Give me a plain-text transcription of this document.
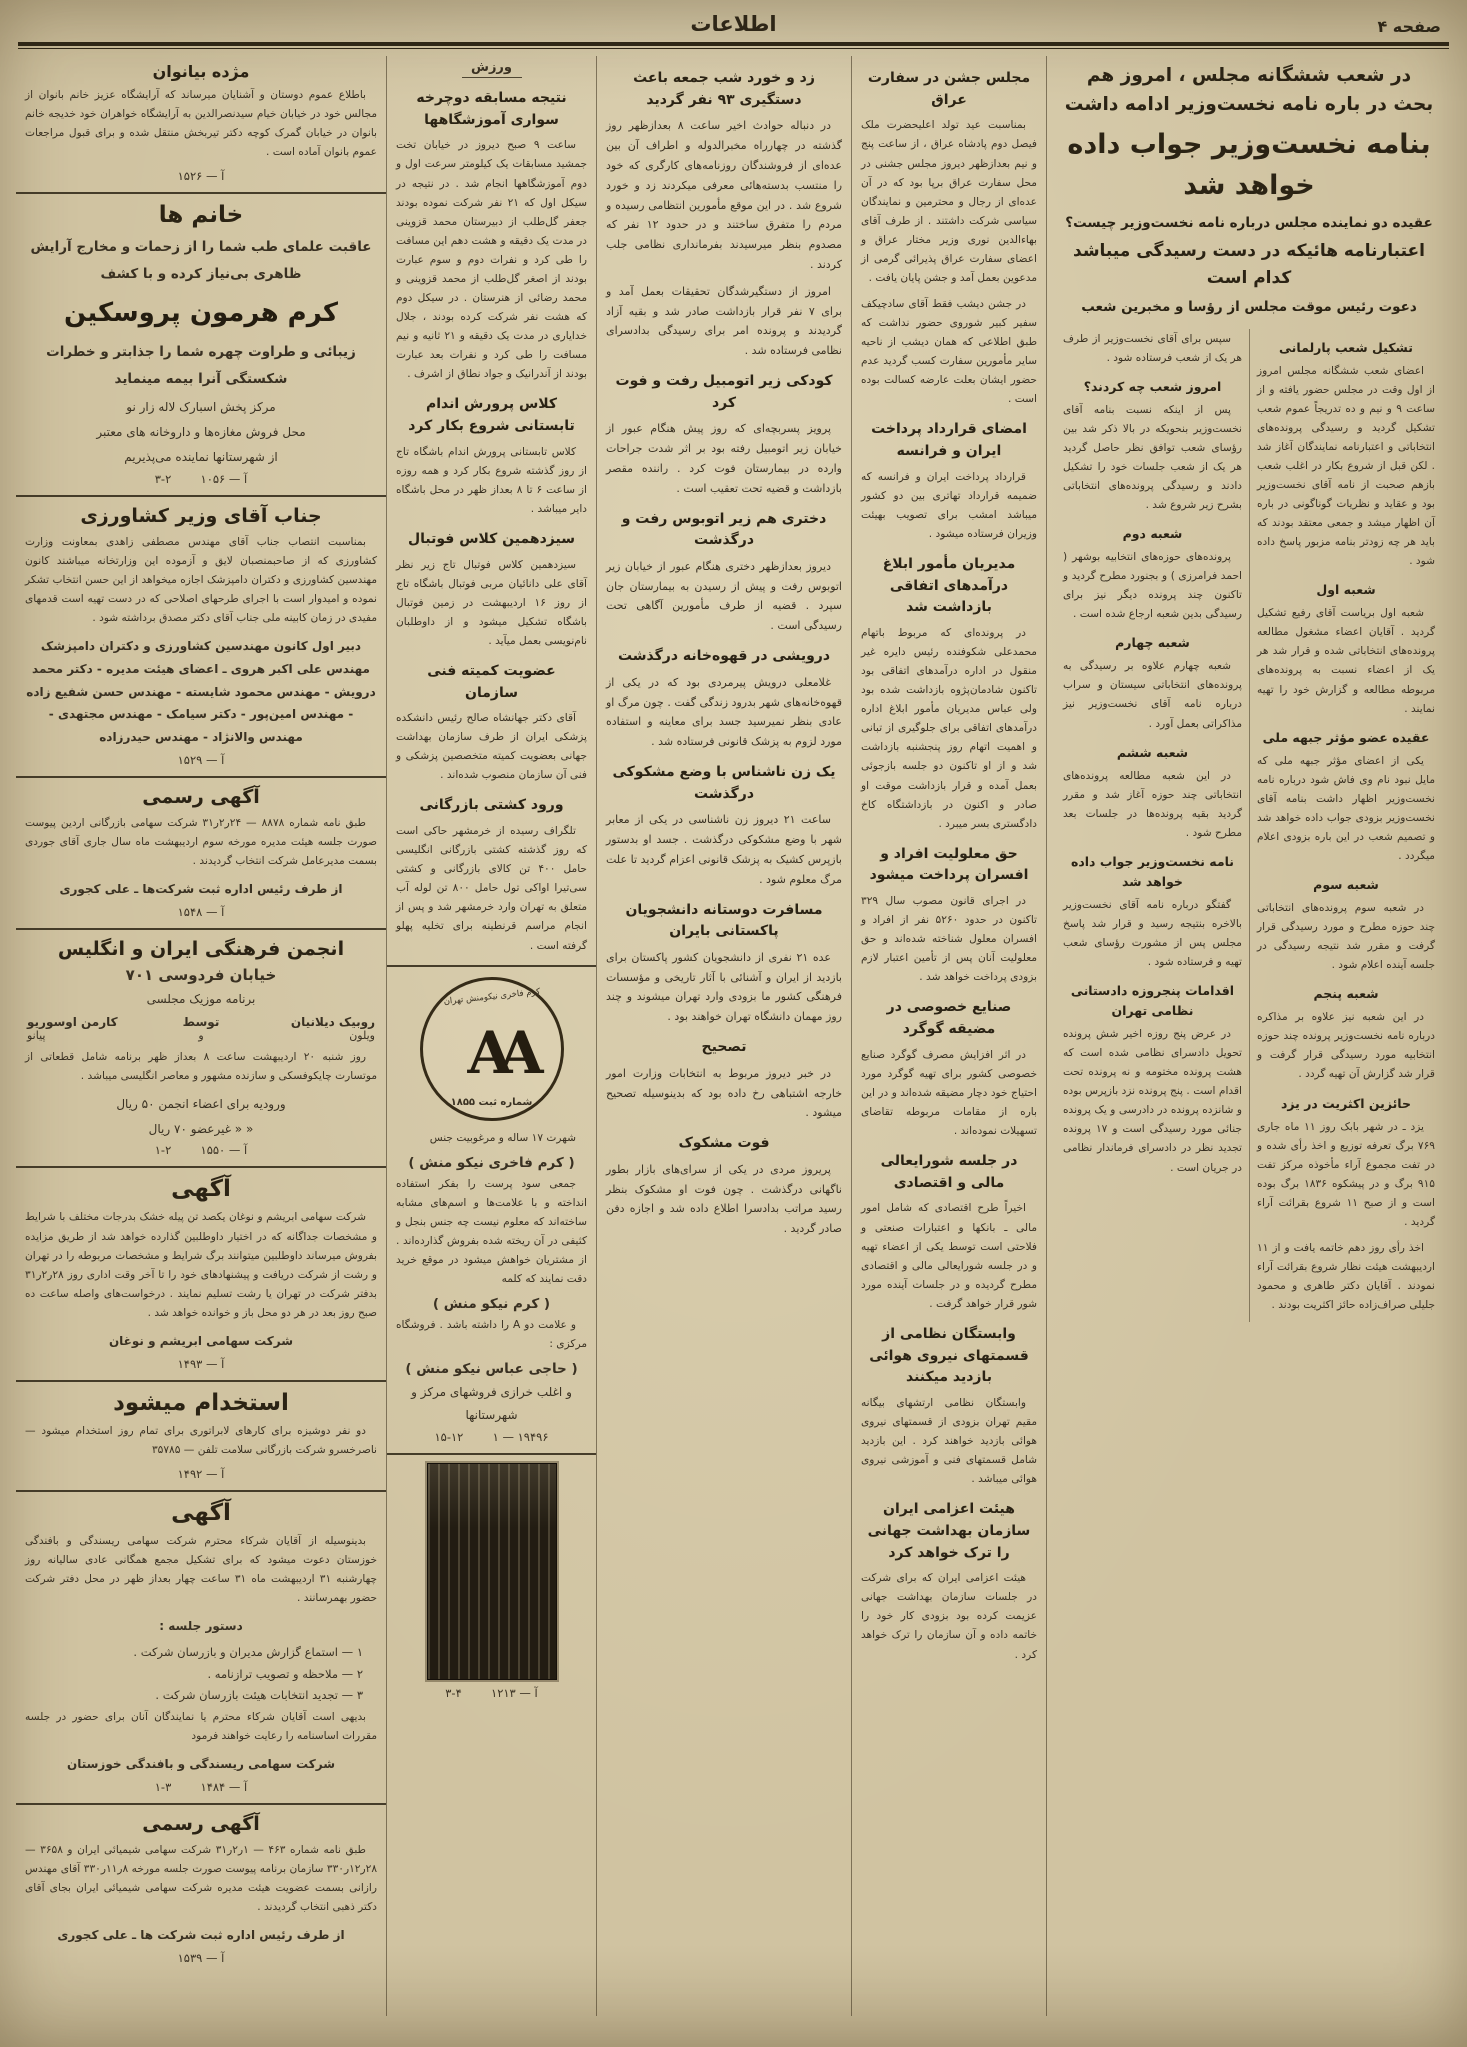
صفحه ۴
اطلاعات
در شعب ششگانه مجلس ، امروز هم
بحث در باره نامه نخست‌وزیر ادامه داشت
بنامه نخست‌وزیر جواب داده خواهد شد
عقیده دو نماینده مجلس درباره نامه نخست‌وزیر چیست؟
اعتبارنامه هائیکه در دست رسیدگی میباشد کدام است
دعوت رئیس موقت مجلس از رؤسا و مخبرین شعب
تشکیل شعب پارلمانی
اعضای شعب ششگانه مجلس امروز از اول وقت در مجلس حضور یافته و از ساعت ۹ و نیم و ده تدریجاً عموم شعب تشکیل گردید و رسیدگی پرونده‌های انتخاباتی و اعتبارنامه نمایندگان آغاز شد . لکن قبل از شروع بکار در اغلب شعب بازهم صحبت از نامه آقای نخست‌وزیر بود و عقاید و نظریات گوناگونی در باره آن اظهار میشد و جمعی معتقد بودند که باید هر چه زودتر بنامه مزبور پاسخ داده شود .
شعبه اول
شعبه اول بریاست آقای رفیع تشکیل گردید . آقایان اعضاء مشغول مطالعه پرونده‌های انتخاباتی شده و قرار شد هر یک از اعضاء نسبت به پرونده‌های مربوطه مطالعه و گزارش خود را تهیه نمایند .
عقیده عضو مؤثر جبهه ملی
یکی از اعضای مؤثر جبهه ملی که مایل نبود نام وی فاش شود درباره نامه نخست‌وزیر اظهار داشت بنامه آقای نخست‌وزیر بزودی جواب داده خواهد شد و تصمیم شعب در این باره بزودی اعلام میگردد .
شعبه سوم
در شعبه سوم پرونده‌های انتخاباتی چند حوزه مطرح و مورد رسیدگی قرار گرفت و مقرر شد نتیجه رسیدگی در جلسه آینده اعلام شود .
شعبه پنجم
در این شعبه نیز علاوه بر مذاکره درباره نامه نخست‌وزیر پرونده چند حوزه انتخابیه مورد رسیدگی قرار گرفت و قرار شد گزارش آن تهیه گردد .
حائزین اکثریت در یزد
یزد ـ در شهر بابک روز ۱۱ ماه جاری ۷۶۹ برگ تعرفه توزیع و اخذ رأی شده و در تفت مجموع آراء مأخوذه مرکز تفت ۹۱۵ برگ و در پیشکوه ۱۸۳۶ برگ بوده است و از صبح ۱۱ شروع بقرائت آراء گردید .
اخذ رأی روز دهم خاتمه یافت و از ۱۱ اردیبهشت هیئت نظار شروع بقرائت آراء نمودند . آقایان دکتر طاهری و محمود جلیلی صراف‌زاده حائز اکثریت بودند .
سپس برای آقای نخست‌وزیر از طرف هر یک از شعب فرستاده شود .
امروز شعب چه کردند؟
پس از اینکه نسبت بنامه آقای نخست‌وزیر بنحویکه در بالا ذکر شد بین رؤسای شعب توافق نظر حاصل گردید هر یک از شعب جلسات خود را تشکیل دادند و رسیدگی پرونده‌های انتخاباتی بشرح زیر شروع شد .
شعبه دوم
پرونده‌های حوزه‌های انتخابیه بوشهر ( احمد فرامرزی ) و بجنورد مطرح گردید و تاکنون چند پرونده دیگر نیز برای رسیدگی بدین شعبه ارجاع شده است .
شعبه چهارم
شعبه چهارم علاوه بر رسیدگی به پرونده‌های انتخاباتی سیستان و سراب درباره نامه آقای نخست‌وزیر نیز مذاکراتی بعمل آورد .
شعبه ششم
در این شعبه مطالعه پرونده‌های انتخاباتی چند حوزه آغاز شد و مقرر گردید بقیه پرونده‌ها در جلسات بعد مطرح شود .
نامه نخست‌وزیر جواب داده خواهد شد
گفتگو درباره نامه آقای نخست‌وزیر بالاخره بنتیجه رسید و قرار شد پاسخ مجلس پس از مشورت رؤسای شعب تهیه و فرستاده شود .
اقدامات پنجروزه دادستانی نظامی تهران
در عرض پنج روزه اخیر شش پرونده تحویل دادسرای نظامی شده است که هشت پرونده مختومه و نه پرونده تحت اقدام است . پنج پرونده نزد بازپرس بوده و شانزده پرونده در دادرسی و یک پرونده جنائی مورد رسیدگی است و ۱۷ پرونده تجدید نظر در دادسرای فرماندار نظامی در جریان است .
مجلس جشن در سفارت عراق
بمناسبت عید تولد اعلیحضرت ملک فیصل دوم پادشاه عراق ، از ساعت پنج و نیم بعدازظهر دیروز مجلس جشنی در محل سفارت عراق برپا بود که در آن عده‌ای از رجال و محترمین و نمایندگان سیاسی شرکت داشتند . از طرف آقای بهاءالدین نوری وزیر مختار عراق و اعضای سفارت عراق پذیرائی گرمی از مدعوین بعمل آمد و جشن پایان یافت .
در جشن دیشب فقط آقای سادچیکف سفیر کبیر شوروی حضور نداشت که طبق اطلاعی که همان دیشب از ناحیه سایر مأمورین سفارت کسب گردید عدم حضور ایشان بعلت عارضه کسالت بوده است .
امضای قرارداد پرداخت ایران و فرانسه
قرارداد پرداخت ایران و فرانسه که ضمیمه قرارداد تهاتری بین دو کشور میباشد امشب برای تصویب بهیئت وزیران فرستاده میشود .
مدیریان مأمور ابلاغ درآمدهای اتفاقی بازداشت شد
در پرونده‌ای که مربوط باتهام محمدعلی شکوفنده رئیس دایره غیر منقول در اداره درآمدهای اتفاقی بود تاکنون شادمان‌پژوه بازداشت شده بود ولی عباس مدیریان مأمور ابلاغ اداره درآمدهای اتفاقی برای جلوگیری از تبانی و اهمیت اتهام روز پنجشنبه بازداشت شد و از او تاکنون دو جلسه بازجوئی بعمل آمده و قرار بازداشت موقت او صادر و اکنون در بازداشتگاه کاخ دادگستری بسر میبرد .
حق معلولیت افراد و افسران پرداخت میشود
در اجرای قانون مصوب سال ۳۲۹ تاکنون در حدود ۵۲۶۰ نفر از افراد و افسران معلول شناخته شده‌اند و حق معلولیت آنان پس از تأمین اعتبار لازم بزودی پرداخت خواهد شد .
صنایع خصوصی در مضیقه گوگرد
در اثر افزایش مصرف گوگرد صنایع خصوصی کشور برای تهیه گوگرد مورد احتیاج خود دچار مضیقه شده‌اند و در این باره از مقامات مربوطه تقاضای تسهیلات نموده‌اند .
در جلسه شورایعالی مالی و اقتصادی
اخیراً طرح اقتصادی که شامل امور مالی ـ بانکها و اعتبارات صنعتی و فلاحتی است توسط یکی از اعضاء تهیه و در جلسه شورایعالی مالی و اقتصادی مطرح گردیده و در جلسات آینده مورد شور قرار خواهد گرفت .
وابستگان نظامی از قسمتهای نیروی هوائی بازدید میکنند
وابستگان نظامی ارتشهای بیگانه مقیم تهران بزودی از قسمتهای نیروی هوائی بازدید خواهند کرد . این بازدید شامل قسمتهای فنی و آموزشی نیروی هوائی میباشد .
هیئت اعزامی ایران سازمان بهداشت جهانی را ترک خواهد کرد
هیئت اعزامی ایران که برای شرکت در جلسات سازمان بهداشت جهانی عزیمت کرده بود بزودی کار خود را خاتمه داده و آن سازمان را ترک خواهد کرد .
زد و خورد شب جمعه باعث دستگیری ۹۳ نفر گردید
در دنباله حوادث اخیر ساعت ۸ بعدازظهر روز گذشته در چهارراه مخبرالدوله و اطراف آن بین عده‌ای از فروشندگان روزنامه‌های کارگری که خود را منتسب بدسته‌هائی معرفی میکردند زد و خورد شروع شد . در این موقع مأمورین انتظامی رسیده و مردم را متفرق ساختند و در حدود ۱۲ نفر که مصدوم بنظر میرسیدند بفرمانداری نظامی جلب کردند .
امروز از دستگیرشدگان تحقیقات بعمل آمد و برای ۷ نفر قرار بازداشت صادر شد و بقیه آزاد گردیدند و پرونده امر برای رسیدگی بدادسرای نظامی فرستاده شد .
کودکی زیر اتومبیل رفت و فوت کرد
پرویز پسربچه‌ای که روز پیش هنگام عبور از خیابان زیر اتومبیل رفته بود بر اثر شدت جراحات وارده در بیمارستان فوت کرد . راننده مقصر بازداشت و قضیه تحت تعقیب است .
دختری هم زیر اتوبوس رفت و درگذشت
دیروز بعدازظهر دختری هنگام عبور از خیابان زیر اتوبوس رفت و پیش از رسیدن به بیمارستان جان سپرد . قضیه از طرف مأمورین آگاهی تحت رسیدگی است .
درویشی در قهوه‌خانه درگذشت
غلامعلی درویش پیرمردی بود که در یکی از قهوه‌خانه‌های شهر بدرود زندگی گفت . چون مرگ او عادی بنظر نمیرسید جسد برای معاینه و استفاده مورد لزوم به پزشک قانونی فرستاده شد .
یک زن ناشناس با وضع مشکوکی درگذشت
ساعت ۲۱ دیروز زن ناشناسی در یکی از معابر شهر با وضع مشکوکی درگذشت . جسد او بدستور بازپرس کشیک به پزشک قانونی اعزام گردید تا علت مرگ معلوم شود .
مسافرت دوستانه دانشجویان پاکستانی بایران
عده ۲۱ نفری از دانشجویان کشور پاکستان برای بازدید از ایران و آشنائی با آثار تاریخی و مؤسسات فرهنگی کشور ما بزودی وارد تهران میشوند و چند روز مهمان دانشگاه تهران خواهند بود .
تصحیح
در خبر دیروز مربوط به انتخابات وزارت امور خارجه اشتباهی رخ داده بود که بدینوسیله تصحیح میشود .
فوت مشکوک
پریروز مردی در یکی از سرای‌های بازار بطور ناگهانی درگذشت . چون فوت او مشکوک بنظر رسید مراتب بدادسرا اطلاع داده شد و اجازه دفن صادر گردید .
ورزش
نتیجه مسابقه دوچرخه سواری آموزشگاهها
ساعت ۹ صبح دیروز در خیابان تخت جمشید مسابقات یک کیلومتر سرعت اول و دوم آموزشگاهها انجام شد . در نتیجه در سیکل اول که ۲۱ نفر شرکت نموده بودند جعفر گل‌طلب از دبیرستان محمد قزوینی در مدت یک دقیقه و هشت دهم این مسافت را طی کرد و نفرات دوم و سوم عبارت بودند از اصغر گل‌طلب از محمد قزوینی و محمد رضائی از هنرستان . در سیکل دوم که هشت نفر شرکت کرده بودند ، جلال خدایاری در مدت یک دقیقه و ۲۱ ثانیه و نیم مسافت را طی کرد و نفرات بعد عبارت بودند از آندرانیک و جواد نطاق از اشرف .
کلاس پرورش اندام تابستانی شروع بکار کرد
کلاس تابستانی پرورش اندام باشگاه تاج از روز گذشته شروع بکار کرد و همه روزه از ساعت ۶ تا ۸ بعداز ظهر در محل باشگاه دایر میباشد .
سیزدهمین کلاس فوتبال
سیزدهمین کلاس فوتبال تاج زیر نظر آقای علی دانائیان مربی فوتبال باشگاه تاج از روز ۱۶ اردیبهشت در زمین فوتبال باشگاه تشکیل میشود و از داوطلبان نام‌نویسی بعمل میآید .
عضویت کمیته فنی سازمان
آقای دکتر جهانشاه صالح رئیس دانشکده پزشکی ایران از طرف سازمان بهداشت جهانی بعضویت کمیته متخصصین پزشکی و فنی آن سازمان منصوب شده‌اند .
ورود کشتی بازرگانی
تلگراف رسیده از خرمشهر حاکی است که روز گذشته کشتی بازرگانی انگلیسی حامل ۴۰۰ تن کالای بازرگانی و کشتی سی‌تیرا اواکی تول حامل ۸۰۰ تن لوله آب متعلق به تهران وارد خرمشهر شد و پس از انجام مراسم قرنطینه برای تخلیه پهلو گرفته است .
کرم فاخری نیکومنش تهران
AA
شماره ثبت ۱۸۵۵
شهرت ۱۷ ساله و مرغوبیت جنس
( کرم فاخری نیکو منش )
جمعی سود پرست را بفکر استفاده انداخته و با علامت‌ها و اسم‌های مشابه ساخته‌اند که معلوم نیست چه جنس بنجل و کثیفی در آن ریخته شده بفروش گذارده‌اند . از مشتریان خواهش میشود در موقع خرید دقت نمایند که کلمه
( کرم نیکو منش )
و علامت دو A را داشته باشد . فروشگاه مرکزی :
( حاجی عباس نیکو منش )
و اغلب خرازی فروشهای مرکز و شهرستانها
۱۹۴۹۶ — ۱        ۱۵-۱۲
آ — ۱۲۱۳        ۴-۳
مژده بیانوان
باطلاع عموم دوستان و آشنایان میرساند که آرایشگاه عزیز خانم بانوان از مجالس خود در خیابان خیام سیدنصرالدین به آرایشگاه خواهران خود خدیجه خانم بانوان در خیابان گمرک کوچه دکتر تیربخش منتقل شده و برای قبول مراجعات عموم بانوان آماده است .
آ — ۱۵۲۶
خانم ها
عاقبت علمای طب شما را از زحمات و مخارج آرایش ظاهری بی‌نیاز کرده و با کشف
کرم هرمون پروسکین
زیبائی و طراوت چهره شما را جذابتر و خطرات شکستگی آنرا بیمه مینماید
مرکز پخش اسبارک لاله زار نو
محل فروش مغازه‌ها و داروخانه های معتبر
از شهرستانها نماینده می‌پذیریم
آ — ۱۰۵۶        ۲-۳
جناب آقای وزیر کشاورزی
بمناسبت انتصاب جناب آقای مهندس مصطفی زاهدی بمعاونت وزارت کشاورزی که از صاحبمنصبان لایق و آزموده این وزارتخانه میباشند کانون مهندسین کشاورزی و دکتران دامپزشک اجازه میخواهد از این حسن انتخاب تشکر نموده و امیدوار است با اجرای طرحهای اصلاحی که در دست تهیه است قدمهای مفیدی در زمان کابینه ملی جناب آقای دکتر مصدق برداشته شود .
دبیر اول کانون مهندسین کشاورزی و دکتران دامپزشک مهندس علی اکبر هروی ـ اعضای هیئت مدیره - دکتر محمد درویش - مهندس محمود شایسته - مهندس حسن شفیع زاده - مهندس امین‌پور - دکتر سیامک - مهندس مجتهدی - مهندس والانژاد - مهندس حیدرزاده
آ — ۱۵۲۹
آگهی رسمی
طبق نامه شماره ۸۸۷۸ — ۲۴ر۲ر۳۱ شرکت سهامی بازرگانی اردین پیوست صورت جلسه هیئت مدیره مورخه سوم اردیبهشت ماه سال جاری آقای جوردی بسمت مدیرعامل شرکت انتخاب گردیدند .
از طرف رئیس اداره ثبت شرکت‌ها ـ علی کجوری
آ — ۱۵۴۸
انجمن فرهنگی ایران و انگلیس
خیابان فردوسی ۷۰۱
برنامه موزیک مجلسی
روبیک دیلانیان
ویلون
توسط
و
کارمن اوسوریو
پیانو
روز شنبه ۲۰ اردیبهشت ساعت ۸ بعداز ظهر برنامه شامل قطعاتی از موتسارت چایکوفسکی و سازنده مشهور و معاصر انگلیسی میباشد .
ورودیه برای اعضاء انجمن ۵۰ ریال
« « غیرعضو ۷۰ ریال
آ — ۱۵۵۰        ۲-۱
آگهی
شرکت سهامی ابریشم و نوغان یکصد تن پیله خشک بدرجات مختلف با شرایط و مشخصات جداگانه که در اختیار داوطلبین گذارده خواهد شد از طریق مزایده بفروش میرساند داوطلبین میتوانند برگ شرایط و مشخصات مربوطه را در تهران و رشت از شرکت دریافت و پیشنهادهای خود را تا آخر وقت اداری روز ۲۸ر۲ر۳۱ بدفتر شرکت در تهران یا رشت تسلیم نمایند . درخواست‌های واصله ساعت ده صبح روز بعد در هر دو محل باز و خوانده خواهد شد .
شرکت سهامی ابریشم و نوغان
آ — ۱۴۹۳
استخدام میشود
دو نفر دوشیزه برای کارهای لابراتوری برای تمام روز استخدام میشود — ناصرخسرو شرکت بازرگانی سلامت تلفن — ۳۵۷۸۵
آ — ۱۴۹۲
آگهی
بدینوسیله از آقایان شرکاء محترم شرکت سهامی ریسندگی و بافندگی خوزستان دعوت میشود که برای تشکیل مجمع همگانی عادی سالیانه روز چهارشنبه ۳۱ اردیبهشت ماه ۳۱ ساعت چهار بعداز ظهر در محل دفتر شرکت حضور بهمرسانند .
دستور جلسه :
۱ — استماع گزارش مدیران و بازرسان شرکت .
۲ — ملاحظه و تصویب ترازنامه .
۳ — تجدید انتخابات هیئت بازرسان شرکت .
بدیهی است آقایان شرکاء محترم یا نمایندگان آنان برای حضور در جلسه مقررات اساسنامه را رعایت خواهند فرمود
شرکت سهامی ریسندگی و بافندگی خوزستان
آ — ۱۴۸۴        ۳-۱
آگهی رسمی
طبق نامه شماره ۴۶۳ — ۱ر۲ر۳۱ شرکت سهامی شیمیائی ایران و ۳۶۵۸ — ۲۸ر۱۲ر۳۳۰ سازمان برنامه پیوست صورت جلسه مورخه ۸ر۱۱ر۳۳۰ آقای مهندس رازانی بسمت عضویت هیئت مدیره شرکت سهامی شیمیائی ایران بجای آقای دکتر ذهبی انتخاب گردیدند .
از طرف رئیس اداره ثبت شرکت ها ـ علی کجوری
آ — ۱۵۳۹
